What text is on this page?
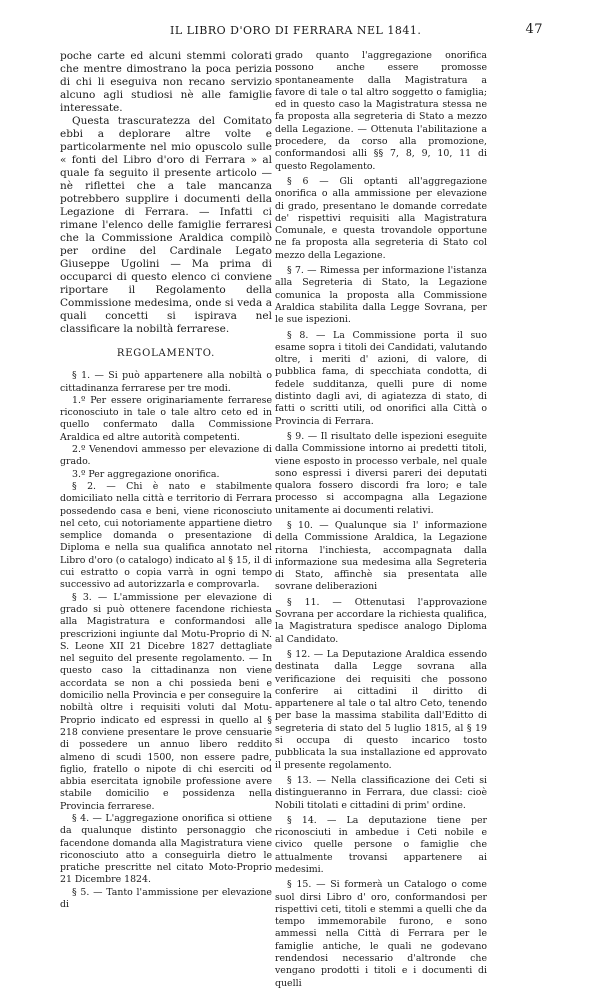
IL LIBRO D'ORO DI FERRARA NEL 1841.	47

poche carte ed alcuni stemmi colorati che mentre dimostrano la poca perizia di chi li eseguiva non recano servizio alcuno agli studiosi nè alle famiglie interessate.

Questa trascuratezza del Comitato ebbi a deplorare altre volte e particolarmente nel mio opuscolo sulle « fonti del Libro d'oro di Ferrara » al quale fa seguito il presente articolo — nè riflettei che a tale mancanza potrebbero supplire i documenti della Legazione di Ferrara. — Infatti ci rimane l'elenco delle famiglie ferraresi che la Commissione Araldica compilò per ordine del Cardinale Legato Giuseppe Ugolini — Ma prima di occuparci di questo elenco ci conviene riportare il Regolamento della Commissione medesima, onde si veda a quali concetti si ispirava nel classificare la nobiltà ferrarese.

REGOLAMENTO.

§ 1. — Si può appartenere alla nobiltà o cittadinanza ferrarese per tre modi.

1.º Per essere originariamente ferrarese riconosciuto in tale o tale altro ceto ed in quello confermato dalla Commissione Araldica ed altre autorità competenti.

2.º Venendovi ammesso per elevazione di grado.

3.º Per aggregazione onorifica.

§ 2. — Chi è nato e stabilmente domiciliato nella città e territorio di Ferrara possedendo casa e beni, viene riconosciuto nel ceto, cui notoriamente appartiene dietro semplice domanda o presentazione di Diploma e nella sua qualifica annotato nel Libro d'oro (o catalogo) indicato al § 15, il di cui estratto o copia varrà in ogni tempo successivo ad autorizzarla e comprovarla.

§ 3. — L'ammissione per elevazione di grado si può ottenere facendone richiesta alla Magistratura e conformandosi alle prescrizioni ingiunte dal Motu-Proprio di N. S. Leone XII 21 Dicebre 1827 dettagliate nel seguito del presente regolamento. — In questo caso la cittadinanza non viene accordata se non a chi possieda beni e domicilio nella Provincia e per conseguire la nobiltà oltre i requisiti voluti dal Motu-Proprio indicato ed espressi in quello al § 218 conviene presentare le prove censuarie di possedere un annuo libero reddito almeno di scudi 1500, non essere padre, figlio, fratello o nipote di chi eserciti od abbia esercitata ignobile professione avere stabile domicilio e possidenza nella Provincia ferrarese.

§ 4. — L'aggregazione onorifica si ottiene da qualunque distinto personaggio che facendone domanda alla Magistratura viene riconosciuto atto a conseguirla dietro le pratiche prescritte nel citato Moto-Proprio 21 Dicembre 1824.

§ 5. — Tanto l'ammissione per elevazione di

grado quanto l'aggregazione onorifica possono anche essere promosse spontaneamente dalla Magistratura a favore di tale o tal altro soggetto o famiglia; ed in questo caso la Magistratura stessa ne fa proposta alla segreteria di Stato a mezzo della Legazione. — Ottenuta l'abilitazione a procedere, da corso alla promozione, conformandosi alli §§ 7, 8, 9, 10, 11 di questo Regolamento.

§ 6 — Gli optanti all'aggregazione onorifica o alla ammissione per elevazione di grado, presentano le domande corredate de' rispettivi requisiti alla Magistratura Comunale, e questa trovandole opportune ne fa proposta alla segreteria di Stato col mezzo della Legazione.

§ 7. — Rimessa per informazione l'istanza alla Segreteria di Stato, la Legazione comunica la proposta alla Commissione Araldica stabilita dalla Legge Sovrana, per le sue ispezioni.

§ 8. — La Commissione porta il suo esame sopra i titoli dei Candidati, valutando oltre, i meriti d' azioni, di valore, di pubblica fama, di specchiata condotta, di fedele sudditanza, quelli pure di nome distinto dagli avi, di agiatezza di stato, di fatti o scritti utili, od onorifici alla Città o Provincia di Ferrara.

§ 9. — Il risultato delle ispezioni eseguite dalla Commissione intorno ai predetti titoli, viene esposto in processo verbale, nel quale sono espressi i diversi pareri dei deputati qualora fossero discordi fra loro; e tale processo si accompagna alla Legazione unitamente ai documenti relativi.

§ 10. — Qualunque sia l' informazione della Commissione Araldica, la Legazione ritorna l'inchiesta, accompagnata dalla informazione sua medesima alla Segreteria di Stato, affinchè sia presentata alle sovrane deliberazioni

§ 11. — Ottenutasi l'approvazione Sovrana per accordare la richiesta qualifica, la Magistratura spedisce analogo Diploma al Candidato.

§ 12. — La Deputazione Araldica essendo destinata dalla Legge sovrana alla verificazione dei requisiti che possono conferire ai cittadini il diritto di appartenere al tale o tal altro Ceto, tenendo per base la massima stabilita dall'Editto di segreteria di stato del 5 luglio 1815, al § 19 si occupa di questo incarico tosto pubblicata la sua installazione ed approvato il presente regolamento.

§ 13. — Nella classificazione dei Ceti si distingueranno in Ferrara, due classi: cioè Nobili titolati e cittadini di prim' ordine.

§ 14. — La deputazione tiene per riconosciuti in ambedue i Ceti nobile e civico quelle persone o famiglie che attualmente trovansi appartenere ai medesimi.

§ 15. — Si formerà un Catalogo o come suol dirsi Libro d' oro, conformandosi per rispettivi ceti, titoli e stemmi a quelli che da tempo immemorabile furono, e sono ammessi nella Città di Ferrara per le famiglie antiche, le quali ne godevano rendendosi necessario d'altronde che vengano prodotti i titoli e i documenti di quelli
